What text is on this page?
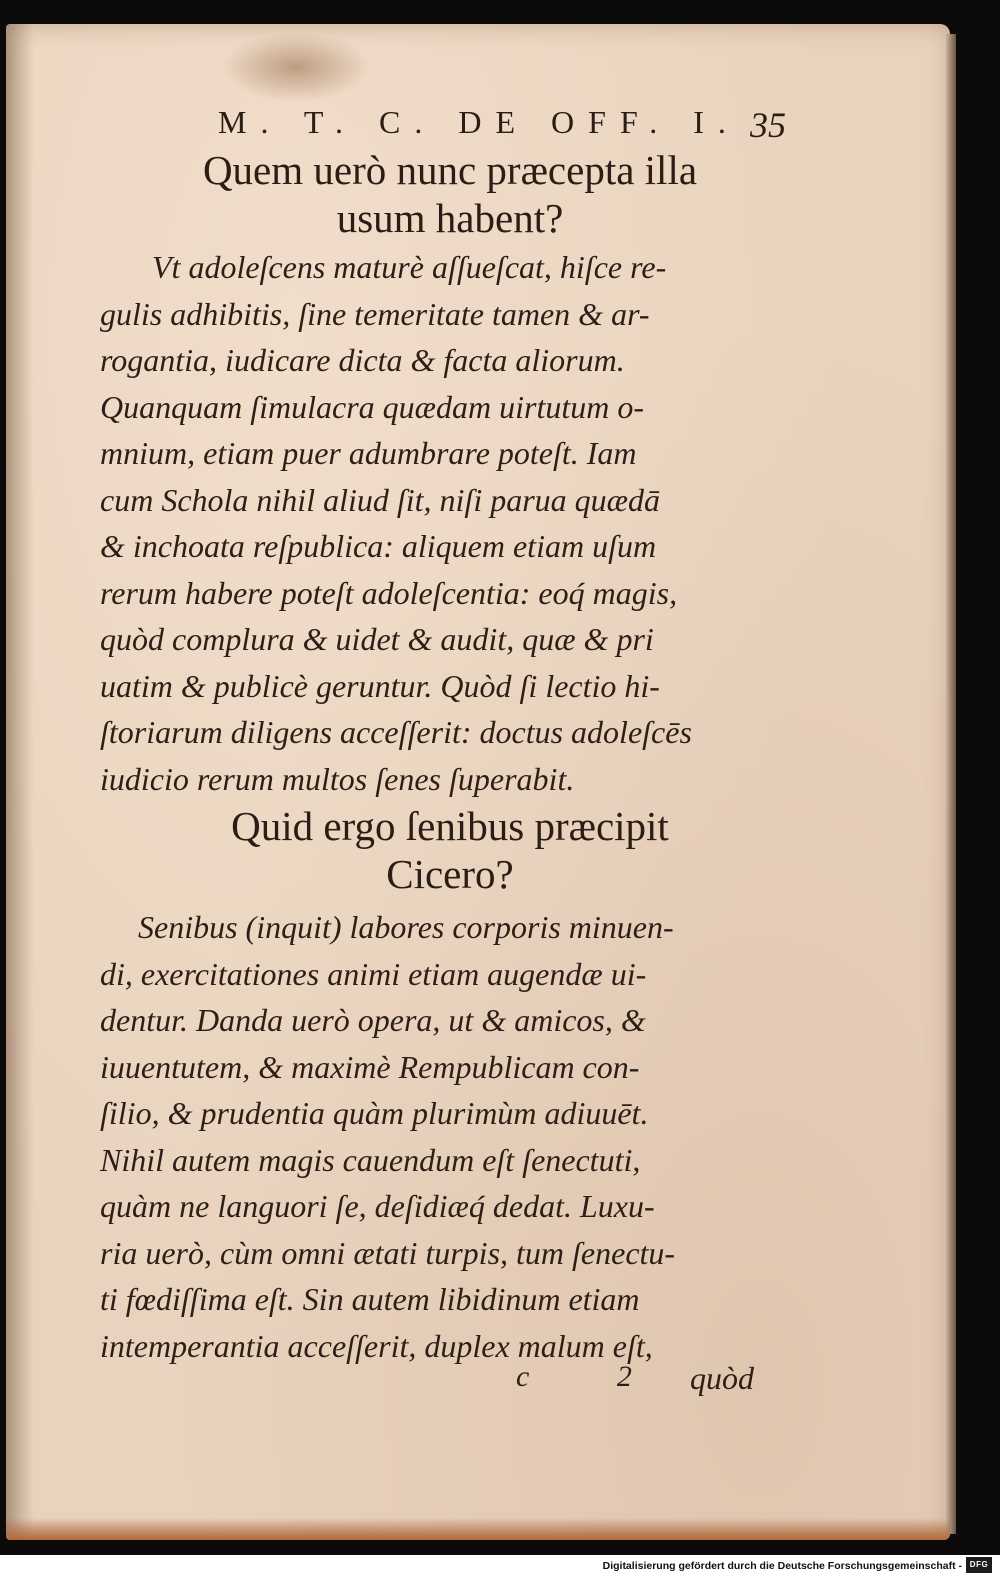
M. T. C. DE OFF. I. 35
Quem uerò nunc præcepta illa
usum habent?
Vt adoleſcens maturè aſſueſcat, hiſce re-
gulis adhibitis, ſine temeritate tamen & ar-
rogantia, iudicare dicta & facta aliorum.
Quanquam ſimulacra quædam uirtutum o-
mnium, etiam puer adumbrare poteſt. Iam
cum Schola nihil aliud ſit, niſi parua quædā
& inchoata reſpublica: aliquem etiam uſum
rerum habere poteſt adoleſcentia: eoq́ magis,
quòd complura & uidet & audit, quæ & pri
uatim & publicè geruntur. Quòd ſi lectio hi-
ſtoriarum diligens acceſſerit: doctus adoleſcēs
iudicio rerum multos ſenes ſuperabit.
Quid ergo ſenibus præcipit
Cicero?
Senibus (inquit) labores corporis minuen-
di, exercitationes animi etiam augendæ ui-
dentur. Danda uerò opera, ut & amicos, &
iuuentutem, & maximè Rempublicam con-
ſilio, & prudentia quàm plurimùm adiuuēt.
Nihil autem magis cauendum eſt ſenectuti,
quàm ne languori ſe, deſidiæq́ dedat. Luxu-
ria uerò, cùm omni ætati turpis, tum ſenectu-
ti fœdiſſima eſt. Sin autem libidinum etiam
intemperantia acceſſerit, duplex malum eſt,
c 2 quòd
Digitalisierung gefördert durch die Deutsche Forschungsgemeinschaft - DFG
